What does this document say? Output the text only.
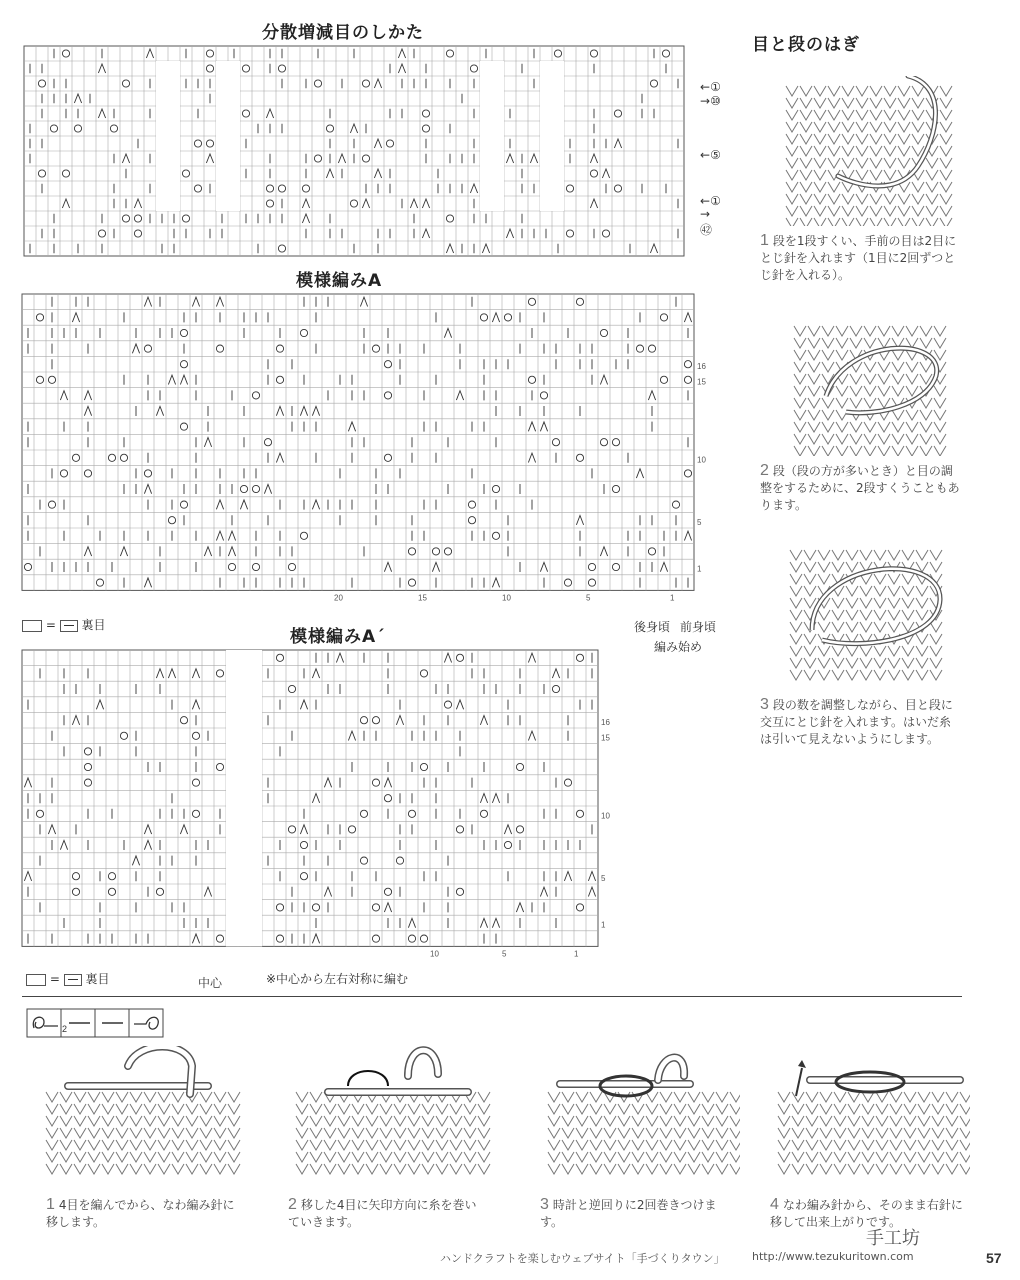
分散増減目のしかた
←①
→⑩
←⑤
←①
→㊷
模様編みA
16
15
10
5
1
20	15	10	5	1
= 裏目	後身頃 前身頃
編み始め
模様編みA´
16
15
10
5
1
10	5	1
= 裏目	中心	※中心から左右対称に編む
目と段のはぎ
1 段を1段すくい、手前の目は2目にとじ針を入れます（1目に2回ずつとじ針を入れる）。
2 段（段の方が多いとき）と目の調整をするために、2段すくうこともあります。
3 段の数を調整しながら、目と段に交互にとじ針を入れます。はいだ糸は引いて見えないようにします。
2
1 4目を編んでから、なわ編み針に移します。
2 移した4目に矢印方向に糸を巻いていきます。
3 時計と逆回りに2回巻きつけます。
4 なわ編み針から、そのまま右針に移して出来上がりです。
ハンドクラフトを楽しむウェブサイト「手づくりタウン」 http://www.tezukuritown.com
手工坊
57
